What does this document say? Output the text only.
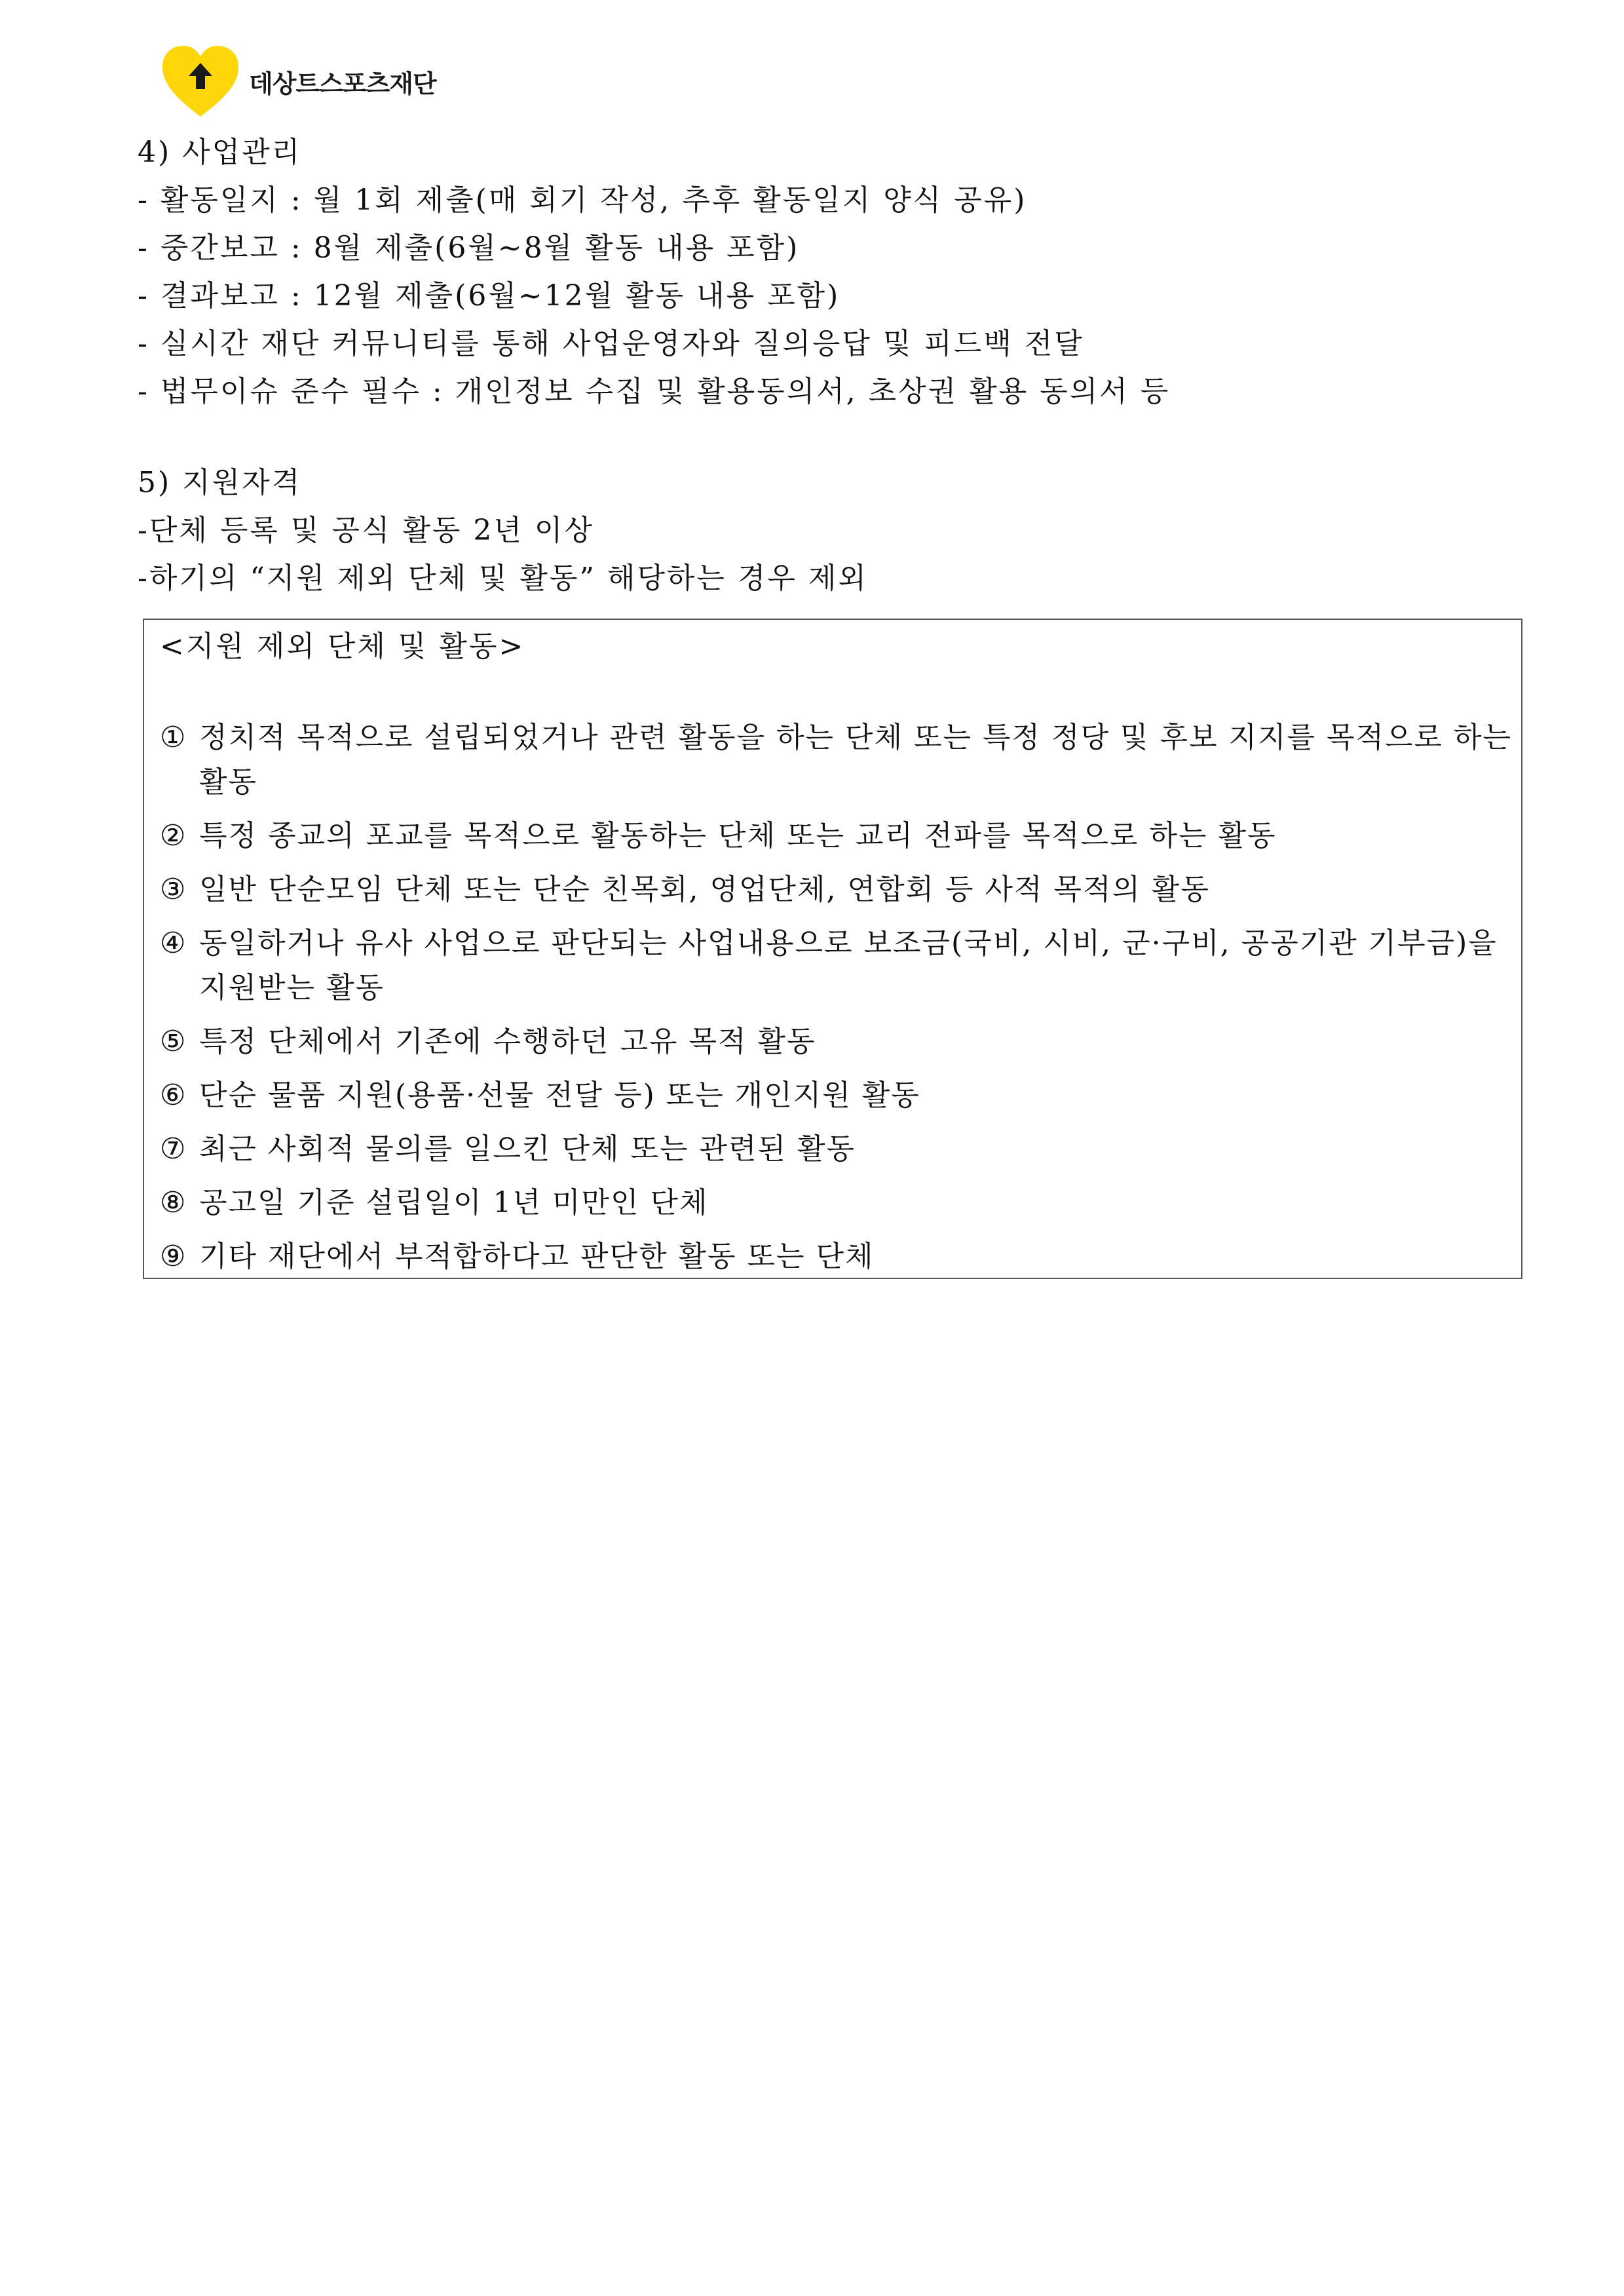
데상트스포츠재단
4) 사업관리
- 활동일지 : 월 1회 제출(매 회기 작성, 추후 활동일지 양식 공유)
- 중간보고 : 8월 제출(6월~8월 활동 내용 포함)
- 결과보고 : 12월 제출(6월~12월 활동 내용 포함)
- 실시간 재단 커뮤니티를 통해 사업운영자와 질의응답 및 피드백 전달
- 법무이슈 준수 필수 : 개인정보 수집 및 활용동의서, 초상권 활용 동의서 등
5) 지원자격
-단체 등록 및 공식 활동 2년 이상
-하기의 “지원 제외 단체 및 활동” 해당하는 경우 제외
<지원 제외 단체 및 활동>
① 정치적 목적으로 설립되었거나 관련 활동을 하는 단체 또는 특정 정당 및 후보 지지를 목적으로 하는 활동
② 특정 종교의 포교를 목적으로 활동하는 단체 또는 교리 전파를 목적으로 하는 활동
③ 일반 단순모임 단체 또는 단순 친목회, 영업단체, 연합회 등 사적 목적의 활동
④ 동일하거나 유사 사업으로 판단되는 사업내용으로 보조금(국비, 시비, 군·구비, 공공기관 기부금)을 지원받는 활동
⑤ 특정 단체에서 기존에 수행하던 고유 목적 활동
⑥ 단순 물품 지원(용품·선물 전달 등) 또는 개인지원 활동
⑦ 최근 사회적 물의를 일으킨 단체 또는 관련된 활동
⑧ 공고일 기준 설립일이 1년 미만인 단체
⑨ 기타 재단에서 부적합하다고 판단한 활동 또는 단체
